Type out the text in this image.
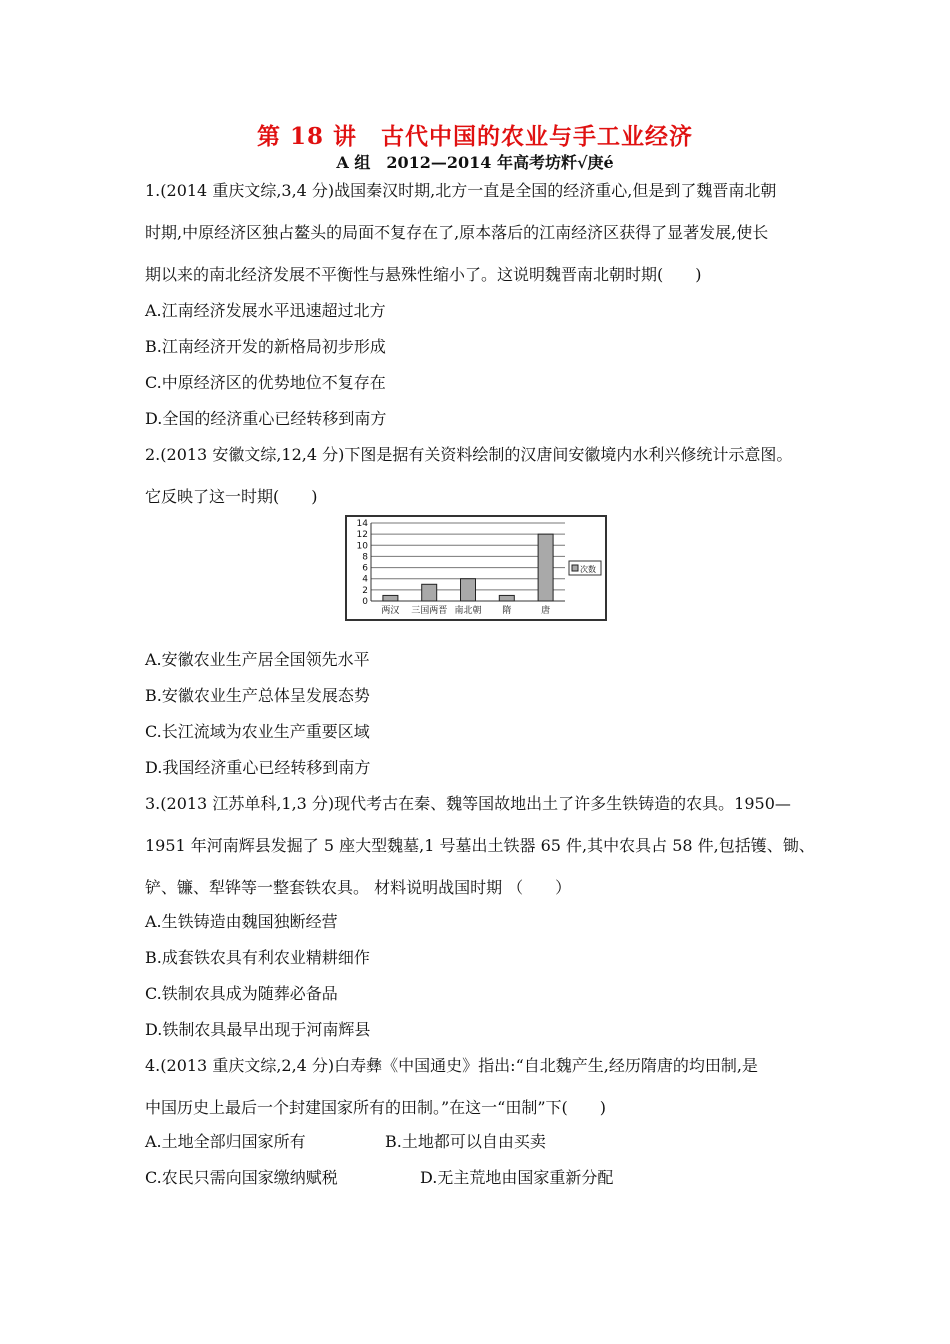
第 18 讲　古代中国的农业与手工业经济
A 组　2012—2014 年高考坊粁√庚é
1.(2014 重庆文综,3,4 分)战国秦汉时期,北方一直是全国的经济重心,但是到了魏晋南北朝
时期,中原经济区独占鳌头的局面不复存在了,原本落后的江南经济区获得了显著发展,使长
期以来的南北经济发展不平衡性与悬殊性缩小了。这说明魏晋南北朝时期(　　)
A.江南经济发展水平迅速超过北方
B.江南经济开发的新格局初步形成
C.中原经济区的优势地位不复存在
D.全国的经济重心已经转移到南方
2.(2013 安徽文综,12,4 分)下图是据有关资料绘制的汉唐间安徽境内水利兴修统计示意图。
它反映了这一时期(　　)
14
12
10
8
6
4
2
0
两汉 三国两晋 南北朝 隋	唐
次数
A.安徽农业生产居全国领先水平
B.安徽农业生产总体呈发展态势
C.长江流域为农业生产重要区域
D.我国经济重心已经转移到南方
3.(2013 江苏单科,1,3 分)现代考古在秦、魏等国故地出土了许多生铁铸造的农具。1950—
1951 年河南辉县发掘了 5 座大型魏墓,1 号墓出土铁器 65 件,其中农具占 58 件,包括镬、锄、
铲、镰、犁铧等一整套铁农具。 材料说明战国时期 （　　）
A.生铁铸造由魏国独断经营
B.成套铁农具有利农业精耕细作
C.铁制农具成为随葬必备品
D.铁制农具最早出现于河南辉县
4.(2013 重庆文综,2,4 分)白寿彝《中国通史》指出:“自北魏产生,经历隋唐的均田制,是
中国历史上最后一个封建国家所有的田制。”在这一“田制”下(　　)
A.土地全部归国家所有	B.土地都可以自由买卖
C.农民只需向国家缴纳赋税	D.无主荒地由国家重新分配
